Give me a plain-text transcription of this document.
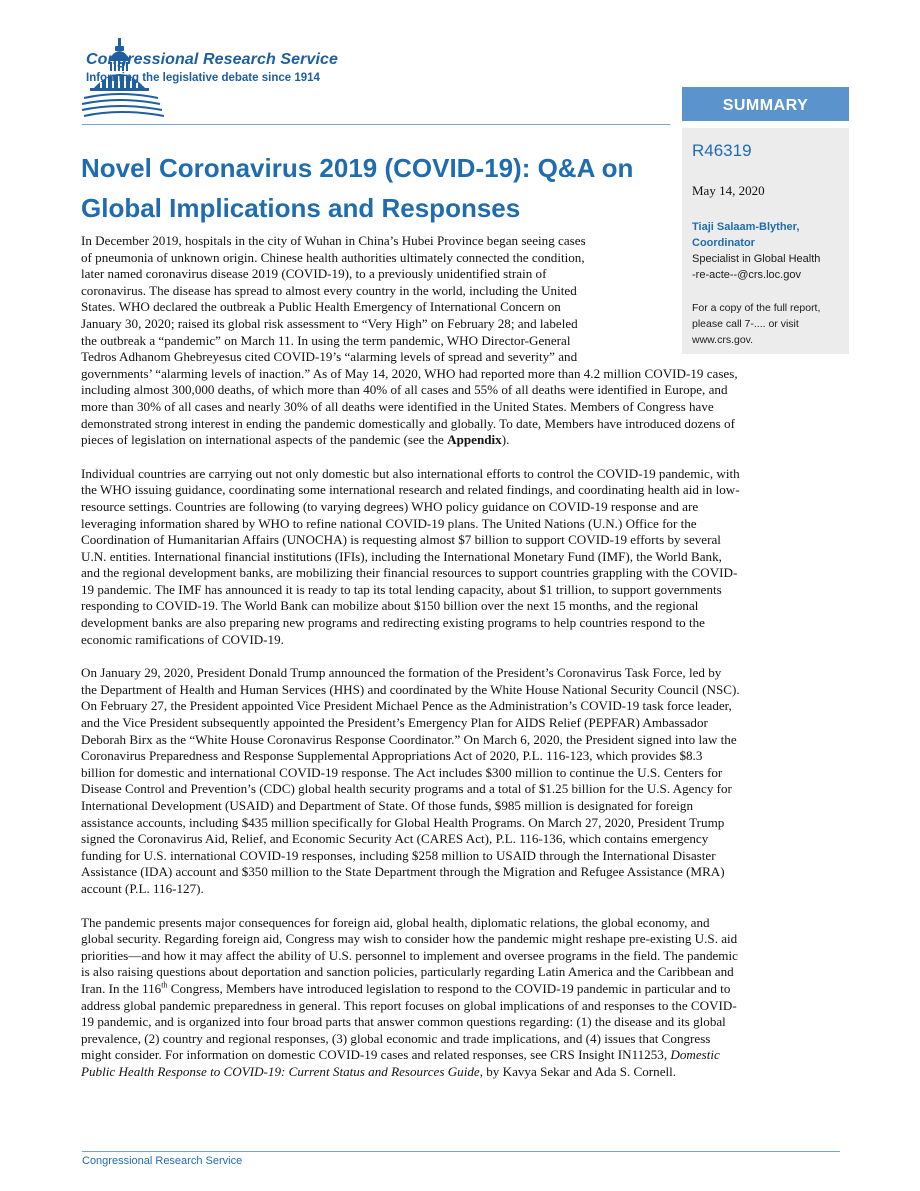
Congressional Research Service
Informing the legislative debate since 1914
SUMMARY
R46319
May 14, 2020
Tiaji Salaam-Blyther,
Coordinator
Specialist in Global Health
-re-acte--@crs.loc.gov
For a copy of the full report,
please call 7-.... or visit
www.crs.gov.
Novel Coronavirus 2019 (COVID-19): Q&A on Global Implications and Responses
In December 2019, hospitals in the city of Wuhan in China’s Hubei Province began seeing cases
of pneumonia of unknown origin. Chinese health authorities ultimately connected the condition,
later named coronavirus disease 2019 (COVID-19), to a previously unidentified strain of
coronavirus. The disease has spread to almost every country in the world, including the United
States. WHO declared the outbreak a Public Health Emergency of International Concern on
January 30, 2020; raised its global risk assessment to “Very High” on February 28; and labeled
the outbreak a “pandemic” on March 11. In using the term pandemic, WHO Director-General
Tedros Adhanom Ghebreyesus cited COVID-19’s “alarming levels of spread and severity” and
governments’ “alarming levels of inaction.” As of May 14, 2020, WHO had reported more than 4.2 million COVID-19 cases,
including almost 300,000 deaths, of which more than 40% of all cases and 55% of all deaths were identified in Europe, and
more than 30% of all cases and nearly 30% of all deaths were identified in the United States. Members of Congress have
demonstrated strong interest in ending the pandemic domestically and globally. To date, Members have introduced dozens of
pieces of legislation on international aspects of the pandemic (see the Appendix).
Individual countries are carrying out not only domestic but also international efforts to control the COVID-19 pandemic, with
the WHO issuing guidance, coordinating some international research and related findings, and coordinating health aid in low-
resource settings. Countries are following (to varying degrees) WHO policy guidance on COVID-19 response and are
leveraging information shared by WHO to refine national COVID-19 plans. The United Nations (U.N.) Office for the
Coordination of Humanitarian Affairs (UNOCHA) is requesting almost $7 billion to support COVID-19 efforts by several
U.N. entities. International financial institutions (IFIs), including the International Monetary Fund (IMF), the World Bank,
and the regional development banks, are mobilizing their financial resources to support countries grappling with the COVID-
19 pandemic. The IMF has announced it is ready to tap its total lending capacity, about $1 trillion, to support governments
responding to COVID-19. The World Bank can mobilize about $150 billion over the next 15 months, and the regional
development banks are also preparing new programs and redirecting existing programs to help countries respond to the
economic ramifications of COVID-19.
On January 29, 2020, President Donald Trump announced the formation of the President’s Coronavirus Task Force, led by
the Department of Health and Human Services (HHS) and coordinated by the White House National Security Council (NSC).
On February 27, the President appointed Vice President Michael Pence as the Administration’s COVID-19 task force leader,
and the Vice President subsequently appointed the President’s Emergency Plan for AIDS Relief (PEPFAR) Ambassador
Deborah Birx as the “White House Coronavirus Response Coordinator.” On March 6, 2020, the President signed into law the
Coronavirus Preparedness and Response Supplemental Appropriations Act of 2020, P.L. 116-123, which provides $8.3
billion for domestic and international COVID-19 response. The Act includes $300 million to continue the U.S. Centers for
Disease Control and Prevention’s (CDC) global health security programs and a total of $1.25 billion for the U.S. Agency for
International Development (USAID) and Department of State. Of those funds, $985 million is designated for foreign
assistance accounts, including $435 million specifically for Global Health Programs. On March 27, 2020, President Trump
signed the Coronavirus Aid, Relief, and Economic Security Act (CARES Act), P.L. 116-136, which contains emergency
funding for U.S. international COVID-19 responses, including $258 million to USAID through the International Disaster
Assistance (IDA) account and $350 million to the State Department through the Migration and Refugee Assistance (MRA)
account (P.L. 116-127).
The pandemic presents major consequences for foreign aid, global health, diplomatic relations, the global economy, and
global security. Regarding foreign aid, Congress may wish to consider how the pandemic might reshape pre-existing U.S. aid
priorities—and how it may affect the ability of U.S. personnel to implement and oversee programs in the field. The pandemic
is also raising questions about deportation and sanction policies, particularly regarding Latin America and the Caribbean and
Iran. In the 116th Congress, Members have introduced legislation to respond to the COVID-19 pandemic in particular and to
address global pandemic preparedness in general. This report focuses on global implications of and responses to the COVID-
19 pandemic, and is organized into four broad parts that answer common questions regarding: (1) the disease and its global
prevalence, (2) country and regional responses, (3) global economic and trade implications, and (4) issues that Congress
might consider. For information on domestic COVID-19 cases and related responses, see CRS Insight IN11253, Domestic
Public Health Response to COVID-19: Current Status and Resources Guide, by Kavya Sekar and Ada S. Cornell.
Congressional Research Service
